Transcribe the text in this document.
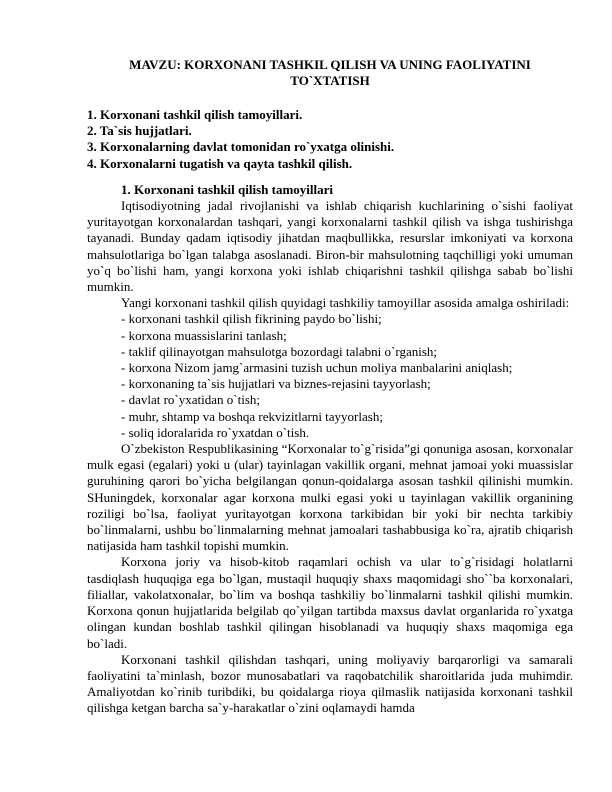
MAVZU: KORXONANI TASHKIL QILISH VA UNING FAOLIYATINI TO`XTATISH
1. Korxonani tashkil qilish tamoyillari.
2. Ta`sis hujjatlari.
3. Korxonalarning davlat tomonidan ro`yxatga olinishi.
4. Korxonalarni tugatish va qayta tashkil qilish.
1. Korxonani tashkil qilish tamoyillari

Iqtisodiyotning jadal rivojlanishi va ishlab chiqarish kuchlarining o`sishi faoliyat yuritayotgan korxonalardan tashqari, yangi korxonalarni tashkil qilish va ishga tushirishga tayanadi. Bunday qadam iqtisodiy jihatdan maqbullikka, resurslar imkoniyati va korxona mahsulotlariga bo`lgan talabga asoslanadi. Biron-bir mahsulotning taqchilligi yoki umuman yo`q bo`lishi ham, yangi korxona yoki ishlab chiqarishni tashkil qilishga sabab bo`lishi mumkin.

Yangi korxonani tashkil qilish quyidagi tashkiliy tamoyillar asosida amalga oshiriladi:

- korxonani tashkil qilish fikrining paydo bo`lishi;
- korxona muassislarini tanlash;
- taklif qilinayotgan mahsulotga bozordagi talabni o`rganish;
- korxona Nizom jamg`armasini tuzish uchun moliya manbalarini aniqlash;
- korxonaning ta`sis hujjatlari va biznes-rejasini tayyorlash;
- davlat ro`yxatidan o`tish;
- muhr, shtamp va boshqa rekvizitlarni tayyorlash;
- soliq idoralarida ro`yxatdan o`tish.

O`zbekiston Respublikasining “Korxonalar to`g`risida”gi qonuniga asosan, korxonalar mulk egasi (egalari) yoki u (ular) tayinlagan vakillik organi, mehnat jamoai yoki muassislar guruhining qarori bo`yicha belgilangan qonun-qoidalarga asosan tashkil qilinishi mumkin. SHuningdek, korxonalar agar korxona mulki egasi yoki u tayinlagan vakillik organining roziligi bo`lsa, faoliyat yuritayotgan korxona tarkibidan bir yoki bir nechta tarkibiy bo`linmalarni, ushbu bo`linmalarning mehnat jamoalari tashabbusiga ko`ra, ajratib chiqarish natijasida ham tashkil topishi mumkin.

Korxona joriy va hisob-kitob raqamlari ochish va ular to`g`risidagi holatlarni tasdiqlash huquqiga ega bo`lgan, mustaqil huquqiy shaxs maqomidagi sho``ba korxonalari, filiallar, vakolatxonalar, bo`lim va boshqa tashkiliy bo`linmalarni tashkil qilishi mumkin. Korxona qonun hujjatlarida belgilab qo`yilgan tartibda maxsus davlat organlarida ro`yxatga olingan kundan boshlab tashkil qilingan hisoblanadi va huquqiy shaxs maqomiga ega bo`ladi.

Korxonani tashkil qilishdan tashqari, uning moliyaviy barqarorligi va samarali faoliyatini ta`minlash, bozor munosabatlari va raqobatchilik sharoitlarida juda muhimdir. Amaliyotdan ko`rinib turibdiki, bu qoidalarga rioya qilmaslik natijasida korxonani tashkil qilishga ketgan barcha sa`y-harakatlar o`zini oqlamaydi hamda
